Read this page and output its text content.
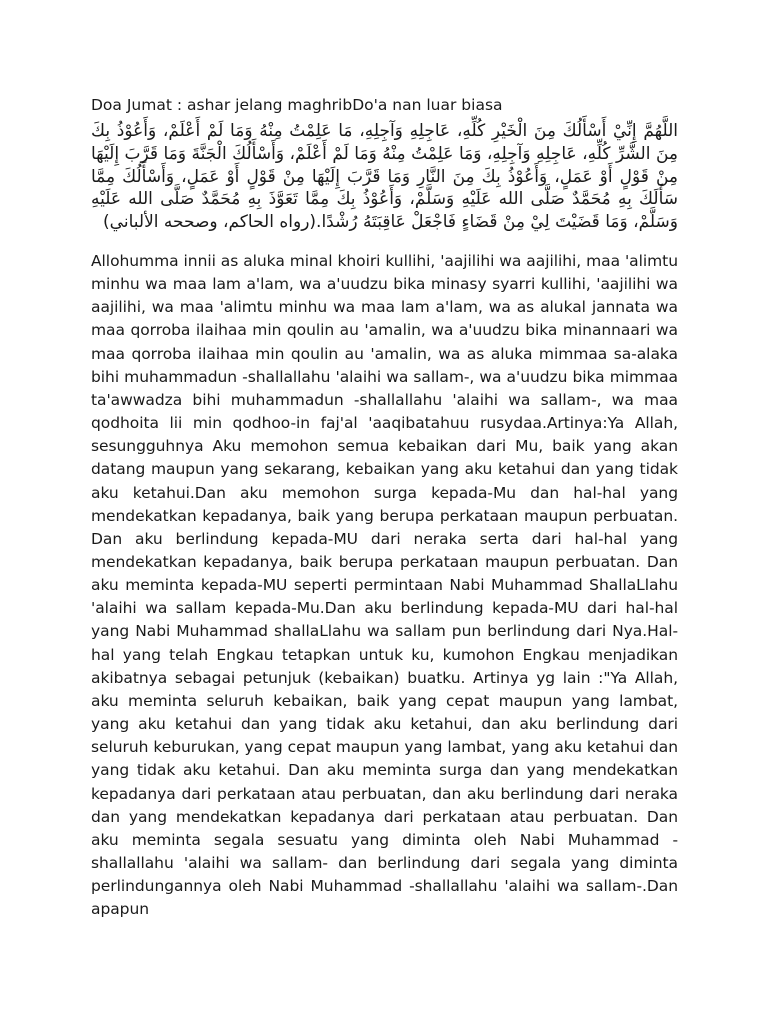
Doa Jumat : ashar jelang maghribDo'a nan luar biasa
اللَّهُمَّ إِنِّيْ أَسْأَلُكَ مِنَ الْخَيْرِ كُلِّهِ، عَاجِلِهِ وَآجِلِهِ، مَا عَلِمْتُ مِنْهُ وَمَا لَمْ أَعْلَمْ، وَأَعُوْذُ بِكَ مِنَ الشَّرِّ كُلِّهِ، عَاجِلِهِ وَآجِلِهِ، وَمَا عَلِمْتُ مِنْهُ وَمَا لَمْ أَعْلَمْ، وَأَسْأَلُكَ الْجَنَّةَ وَمَا قَرَّبَ إِلَيْهَا مِنْ قَوْلٍ أَوْ عَمَلٍ، وَأَعُوْذُ بِكَ مِنَ النَّارِ وَمَا قَرَّبَ إِلَيْهَا مِنْ قَوْلٍ أَوْ عَمَلٍ، وَأَسْأَلُكَ مِمَّا سَأَلَكَ بِهِ مُحَمَّدٌ صَلَّى الله عَلَيْهِ وَسَلَّمْ، وَأَعُوْذُ بِكَ مِمَّا تَعَوَّذَ بِهِ مُحَمَّدٌ صَلَّى الله عَلَيْهِ وَسَلَّمْ، وَمَا قَضَيْتَ لِيْ مِنْ قَضَاءٍ فَاجْعَلْ عَاقِبَتَهُ رُشْدًا.(رواه الحاكم، وصححه الألباني)

Allohumma innii as aluka minal khoiri kullihi, 'aajilihi wa aajilihi, maa 'alimtu minhu wa maa lam a'lam, wa a'uudzu bika minasy syarri kullihi, 'aajilihi wa aajilihi, wa maa 'alimtu minhu wa maa lam a'lam, wa as alukal jannata wa maa qorroba ilaihaa min qoulin au 'amalin, wa a'uudzu bika minannaari wa maa qorroba ilaihaa min qoulin au 'amalin, wa as aluka mimmaa sa-alaka bihi muhammadun -shallallahu 'alaihi wa sallam-, wa a'uudzu bika mimmaa ta'awwadza bihi muhammadun -shallallahu 'alaihi wa sallam-, wa maa qodhoita lii min qodhoo-in faj'al 'aaqibatahuu rusydaa.Artinya:Ya Allah, sesungguhnya Aku memohon semua kebaikan dari Mu, baik yang akan datang maupun yang sekarang, kebaikan yang aku ketahui dan yang tidak aku ketahui.Dan aku memohon surga kepada-Mu dan hal-hal yang mendekatkan kepadanya, baik yang berupa perkataan maupun perbuatan. Dan aku berlindung kepada-MU dari neraka serta dari hal-hal yang mendekatkan kepadanya, baik berupa perkataan maupun perbuatan. Dan aku meminta kepada-MU seperti permintaan Nabi Muhammad ShallaLlahu 'alaihi wa sallam kepada-Mu.Dan aku berlindung kepada-MU dari hal-hal yang Nabi Muhammad shallaLlahu wa sallam pun berlindung dari Nya.Hal-hal yang telah Engkau tetapkan untuk ku, kumohon Engkau menjadikan akibatnya sebagai petunjuk (kebaikan) buatku. Artinya yg lain :"Ya Allah, aku meminta seluruh kebaikan, baik yang cepat maupun yang lambat, yang aku ketahui dan yang tidak aku ketahui, dan aku berlindung dari seluruh keburukan, yang cepat maupun yang lambat, yang aku ketahui dan yang tidak aku ketahui. Dan aku meminta surga dan yang mendekatkan kepadanya dari perkataan atau perbuatan, dan aku berlindung dari neraka dan yang mendekatkan kepadanya dari perkataan atau perbuatan. Dan aku meminta segala sesuatu yang diminta oleh Nabi Muhammad -shallallahu 'alaihi wa sallam- dan berlindung dari segala yang diminta perlindungannya oleh Nabi Muhammad -shallallahu 'alaihi wa sallam-.Dan apapun
